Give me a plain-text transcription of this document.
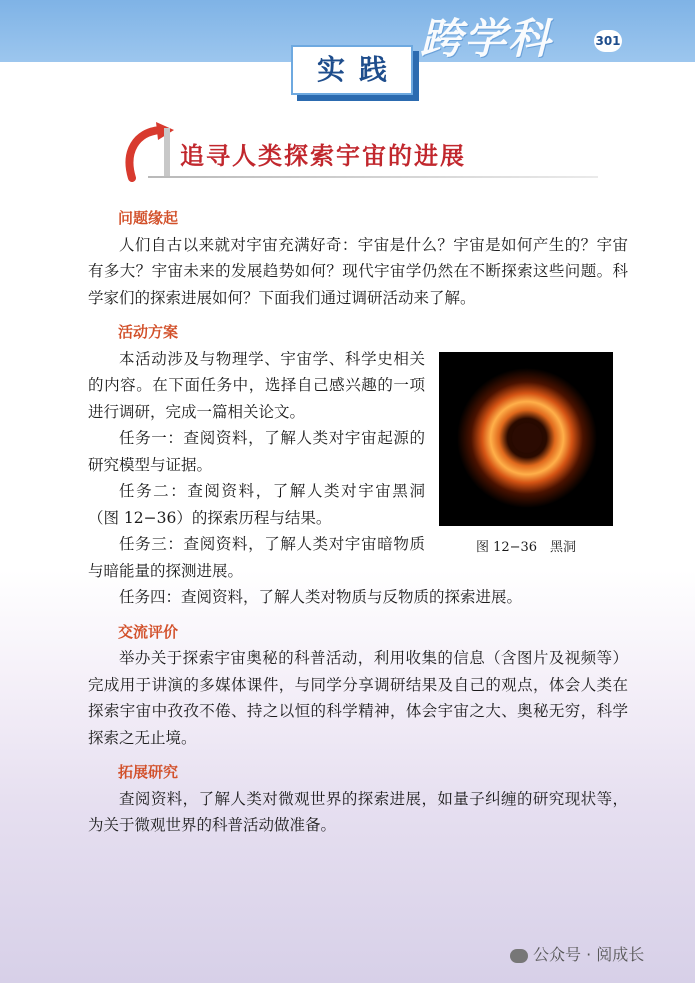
跨学科	301
实践
追寻人类探索宇宙的进展
问题缘起
人们自古以来就对宇宙充满好奇：宇宙是什么？宇宙是如何产生的？宇宙有多大？宇宙未来的发展趋势如何？现代宇宙学仍然在不断探索这些问题。科学家们的探索进展如何？下面我们通过调研活动来了解。
活动方案
本活动涉及与物理学、宇宙学、科学史相关的内容。在下面任务中，选择自己感兴趣的一项进行调研，完成一篇相关论文。
任务一：查阅资料，了解人类对宇宙起源的研究模型与证据。
任务二：查阅资料，了解人类对宇宙黑洞（图 12−36）的探索历程与结果。
任务三：查阅资料，了解人类对宇宙暗物质与暗能量的探测进展。
任务四：查阅资料，了解人类对物质与反物质的探索进展。
交流评价
举办关于探索宇宙奥秘的科普活动，利用收集的信息（含图片及视频等）完成用于讲演的多媒体课件，与同学分享调研结果及自己的观点，体会人类在探索宇宙中孜孜不倦、持之以恒的科学精神，体会宇宙之大、奥秘无穷，科学探索之无止境。
拓展研究
查阅资料，了解人类对微观世界的探索进展，如量子纠缠的研究现状等，为关于微观世界的科普活动做准备。
图 12−36　黑洞
公众号 · 阅成长
